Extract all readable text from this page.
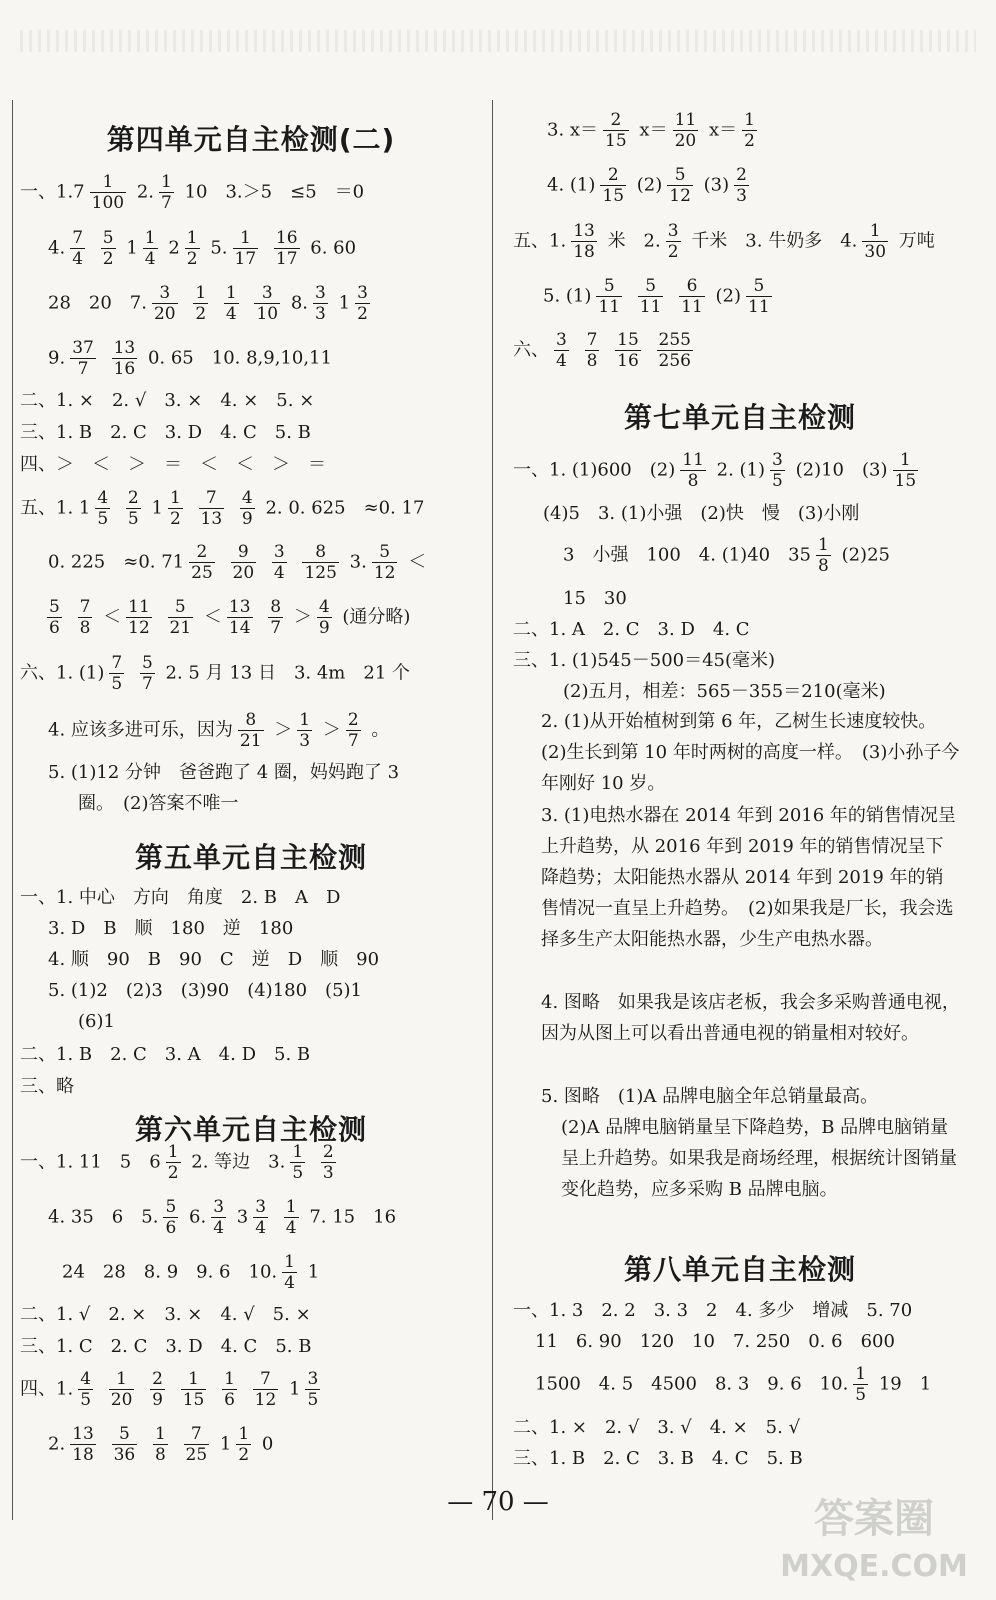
第四单元自主检测(二)
一、$1.7 \frac{1}{100} 2$. $\frac{1}{7} 10$　3.＞5　≤5　＝0
4. $\frac{7}{4}$
$\frac{5}{2} 1 \frac{1}{4} 2 \frac{1}{2} 5$. $\frac{1}{17}$
$\frac{16}{17} 6$. 60
28　20　7. $\frac{3}{20}$
$\frac{1}{2}$
$\frac{1}{4}$
$\frac{3}{10} 8$. $\frac{3}{3} 1 \frac{3}{2}$
9. $\frac{37}{7}$
$\frac{13}{16} 0$. 65　10. 8,9,10,11
二、1. ×　2. √　3. ×　4. ×　5. ×
三、1. B　2. C　3. D　4. C　5. B
四、＞　＜　＞　＝　＜　＜　＞　＝
五、1. $1 \frac{4}{5}$
$\frac{2}{5} 1 \frac{1}{2}$
$\frac{7}{13}$
$\frac{4}{9} 2$. 0. 625　≈0. 17
0. 225　≈0. $71 \frac{2}{25}$
$\frac{9}{20}$
$\frac{3}{4}$
$\frac{8}{125} 3$. $\frac{5}{12}$ ＜
$\frac{5}{6}$
$\frac{7}{8} < \frac{11}{12}$
$\frac{5}{21} < \frac{13}{14}$
$\frac{8}{7} > \frac{4}{9}$ (通分略)
六、1. $(1) \frac{7}{5}$
$\frac{5}{7} 2$. 5 月 13 日　3. 4m　21 个
4. 应该多进可乐，因为 $\frac{8}{21} > \frac{1}{3} > \frac{2}{7}$ 。
5. (1)12 分钟　爸爸跑了 4 圈，妈妈跑了 3
圈。　(2)答案不唯一
第五单元自主检测
一、1. 中心　方向　角度　2. B　A　D
3. D　B　顺　180　逆　180
4. 顺　90　B　90　C　逆　D　顺　90
5. (1)2　(2)3　(3)90　(4)180　(5)1
(6)1
二、1. B　2. C　3. A　4. D　5. B
三、略
第六单元自主检测
一、1. 11　5　$6 \frac{1}{2} 2$. 等边　3. $\frac{1}{5}$
$\frac{2}{3}$
4. 35　6　5. $\frac{5}{6} 6$. $\frac{3}{4} 3 \frac{3}{4}$
$\frac{1}{4} 7$. 15　16
24　28　8. 9　9. 6　10. $\frac{1}{4} 1$
二、1. √　2. ×　3. ×　4. √　5. ×
三、1. C　2. C　3. D　4. C　5. B
四、1. $\frac{4}{5}$
$\frac{1}{20}$
$\frac{2}{9}$
$\frac{1}{15}$
$\frac{1}{6}$
$\frac{7}{12} 1 \frac{3}{5}$
2. $\frac{13}{18}$
$\frac{5}{36}$
$\frac{1}{8}$
$\frac{7}{25} 1 \frac{1}{2} 0$
3. $x= \frac{2}{15} x= \frac{11}{20} x= \frac{1}{2}$
4. $(1) \frac{2}{15} (2) \frac{5}{12} (3) \frac{2}{3}$
五、1. $\frac{13}{18}$ 米　2. $\frac{3}{2}$ 千米　3. 牛奶多　4. $\frac{1}{30}$ 万吨
5. $(1) \frac{5}{11}$
$\frac{5}{11}$
$\frac{6}{11} (2) \frac{5}{11}$
六、 $\frac{3}{4}$
$\frac{7}{8}$
$\frac{15}{16}$
$\frac{255}{256}$
第七单元自主检测
一、1. (1)600　$(2) \frac{11}{8} 2$. $(1) \frac{3}{5} (2)10$　$(3) \frac{1}{15}$
(4)5　3. (1)小强　(2)快　慢　(3)小刚
3　小强　100　4. (1)40　$35 \frac{1}{8} (2)25$
15　30
二、1. A　2. C　3. D　4. C
三、1. (1)545－500＝45(毫米)
(2)五月，相差：565－355＝210(毫米)
2. (1)从开始植树到第 6 年，乙树生长速度较快。(2)生长到第 10 年时两树的高度一样。　(3)小孙子今年刚好 10 岁。
3. (1)电热水器在 2014 年到 2016 年的销售情况呈上升趋势，从 2016 年到 2019 年的销售情况呈下降趋势；太阳能热水器从 2014 年到 2019 年的销售情况一直呈上升趋势。　(2)如果我是厂长，我会选择多生产太阳能热水器，少生产电热水器。
4. 图略　如果我是该店老板，我会多采购普通电视，因为从图上可以看出普通电视的销量相对较好。
5. 图略　(1)A 品牌电脑全年总销量最高。
(2)A 品牌电脑销量呈下降趋势，B 品牌电脑销量呈上升趋势。如果我是商场经理，根据统计图销量变化趋势，应多采购 B 品牌电脑。
第八单元自主检测
一、1. 3　2. 2　3. 3　2　4. 多少　增减　5. 70
11　6. 90　120　10　7. 250　0. 6　600
1500　4. 5　4500　8. 3　9. 6　10. $\frac{1}{5} 19$　1
二、1. ×　2. √　3. √　4. ×　5. √
三、1. B　2. C　3. B　4. C　5. B
— 70 —	答案圈
MXQE.COM
